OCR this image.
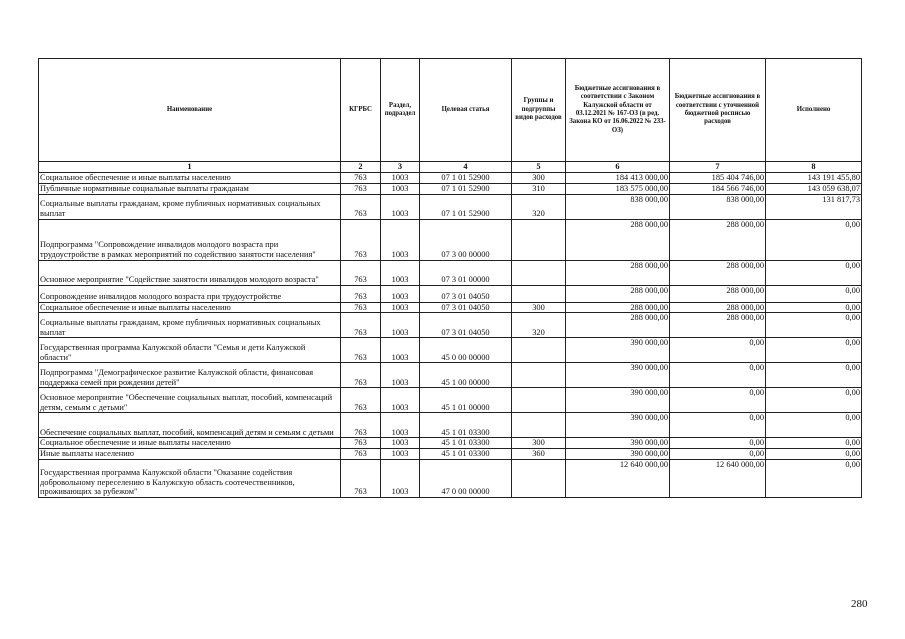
Наименование	КГРБС	Раздел, подраздел	Целевая статья	Группы и подгруппы видов расходов	Бюджетные ассигнования в соответствии с Законом Калужской области от 03.12.2021 № 167-ОЗ (в ред. Закона КО от 16.06.2022 № 233-ОЗ)	Бюджетные ассигнования в соответствии с уточненной бюджетной росписью расходов	Исполнено
1	2	3	4	5	6	7	8
Социальное обеспечение и иные выплаты населению	763	1003	07 1 01 52900	300	184 413 000,00	185 404 746,00	143 191 455,80
Публичные нормативные социальные выплаты гражданам	763	1003	07 1 01 52900	310	183 575 000,00	184 566 746,00	143 059 638,07
Социальные выплаты гражданам, кроме публичных нормативных социальных выплат	763	1003	07 1 01 52900	320	838 000,00	838 000,00	131 817,73
Подпрограмма "Сопровождение инвалидов молодого возраста при трудоустройстве в рамках мероприятий по содействию занятости населения"	763	1003	07 3 00 00000		288 000,00	288 000,00	0,00
Основное мероприятие "Содействие занятости инвалидов молодого возраста"	763	1003	07 3 01 00000		288 000,00	288 000,00	0,00
Сопровождение инвалидов молодого возраста при трудоустройстве	763	1003	07 3 01 04050		288 000,00	288 000,00	0,00
Социальное обеспечение и иные выплаты населению	763	1003	07 3 01 04050	300	288 000,00	288 000,00	0,00
Социальные выплаты гражданам, кроме публичных нормативных социальных выплат	763	1003	07 3 01 04050	320	288 000,00	288 000,00	0,00
Государственная программа Калужской области "Семья и дети Калужской области"	763	1003	45 0 00 00000		390 000,00	0,00	0,00
Подпрограмма "Демографическое развитие Калужской области, финансовая поддержка семей при рождении детей"	763	1003	45 1 00 00000		390 000,00	0,00	0,00
Основное мероприятие "Обеспечение социальных выплат, пособий, компенсаций детям, семьям с детьми"	763	1003	45 1 01 00000		390 000,00	0,00	0,00
Обеспечение социальных выплат, пособий, компенсаций детям и семьям с детьми	763	1003	45 1 01 03300		390 000,00	0,00	0,00
Социальное обеспечение и иные выплаты населению	763	1003	45 1 01 03300	300	390 000,00	0,00	0,00
Иные выплаты населению	763	1003	45 1 01 03300	360	390 000,00	0,00	0,00
Государственная программа Калужской области "Оказание содействия добровольному переселению в Калужскую область соотечественников, проживающих за рубежом"	763	1003	47 0 00 00000		12 640 000,00	12 640 000,00	0,00
280
